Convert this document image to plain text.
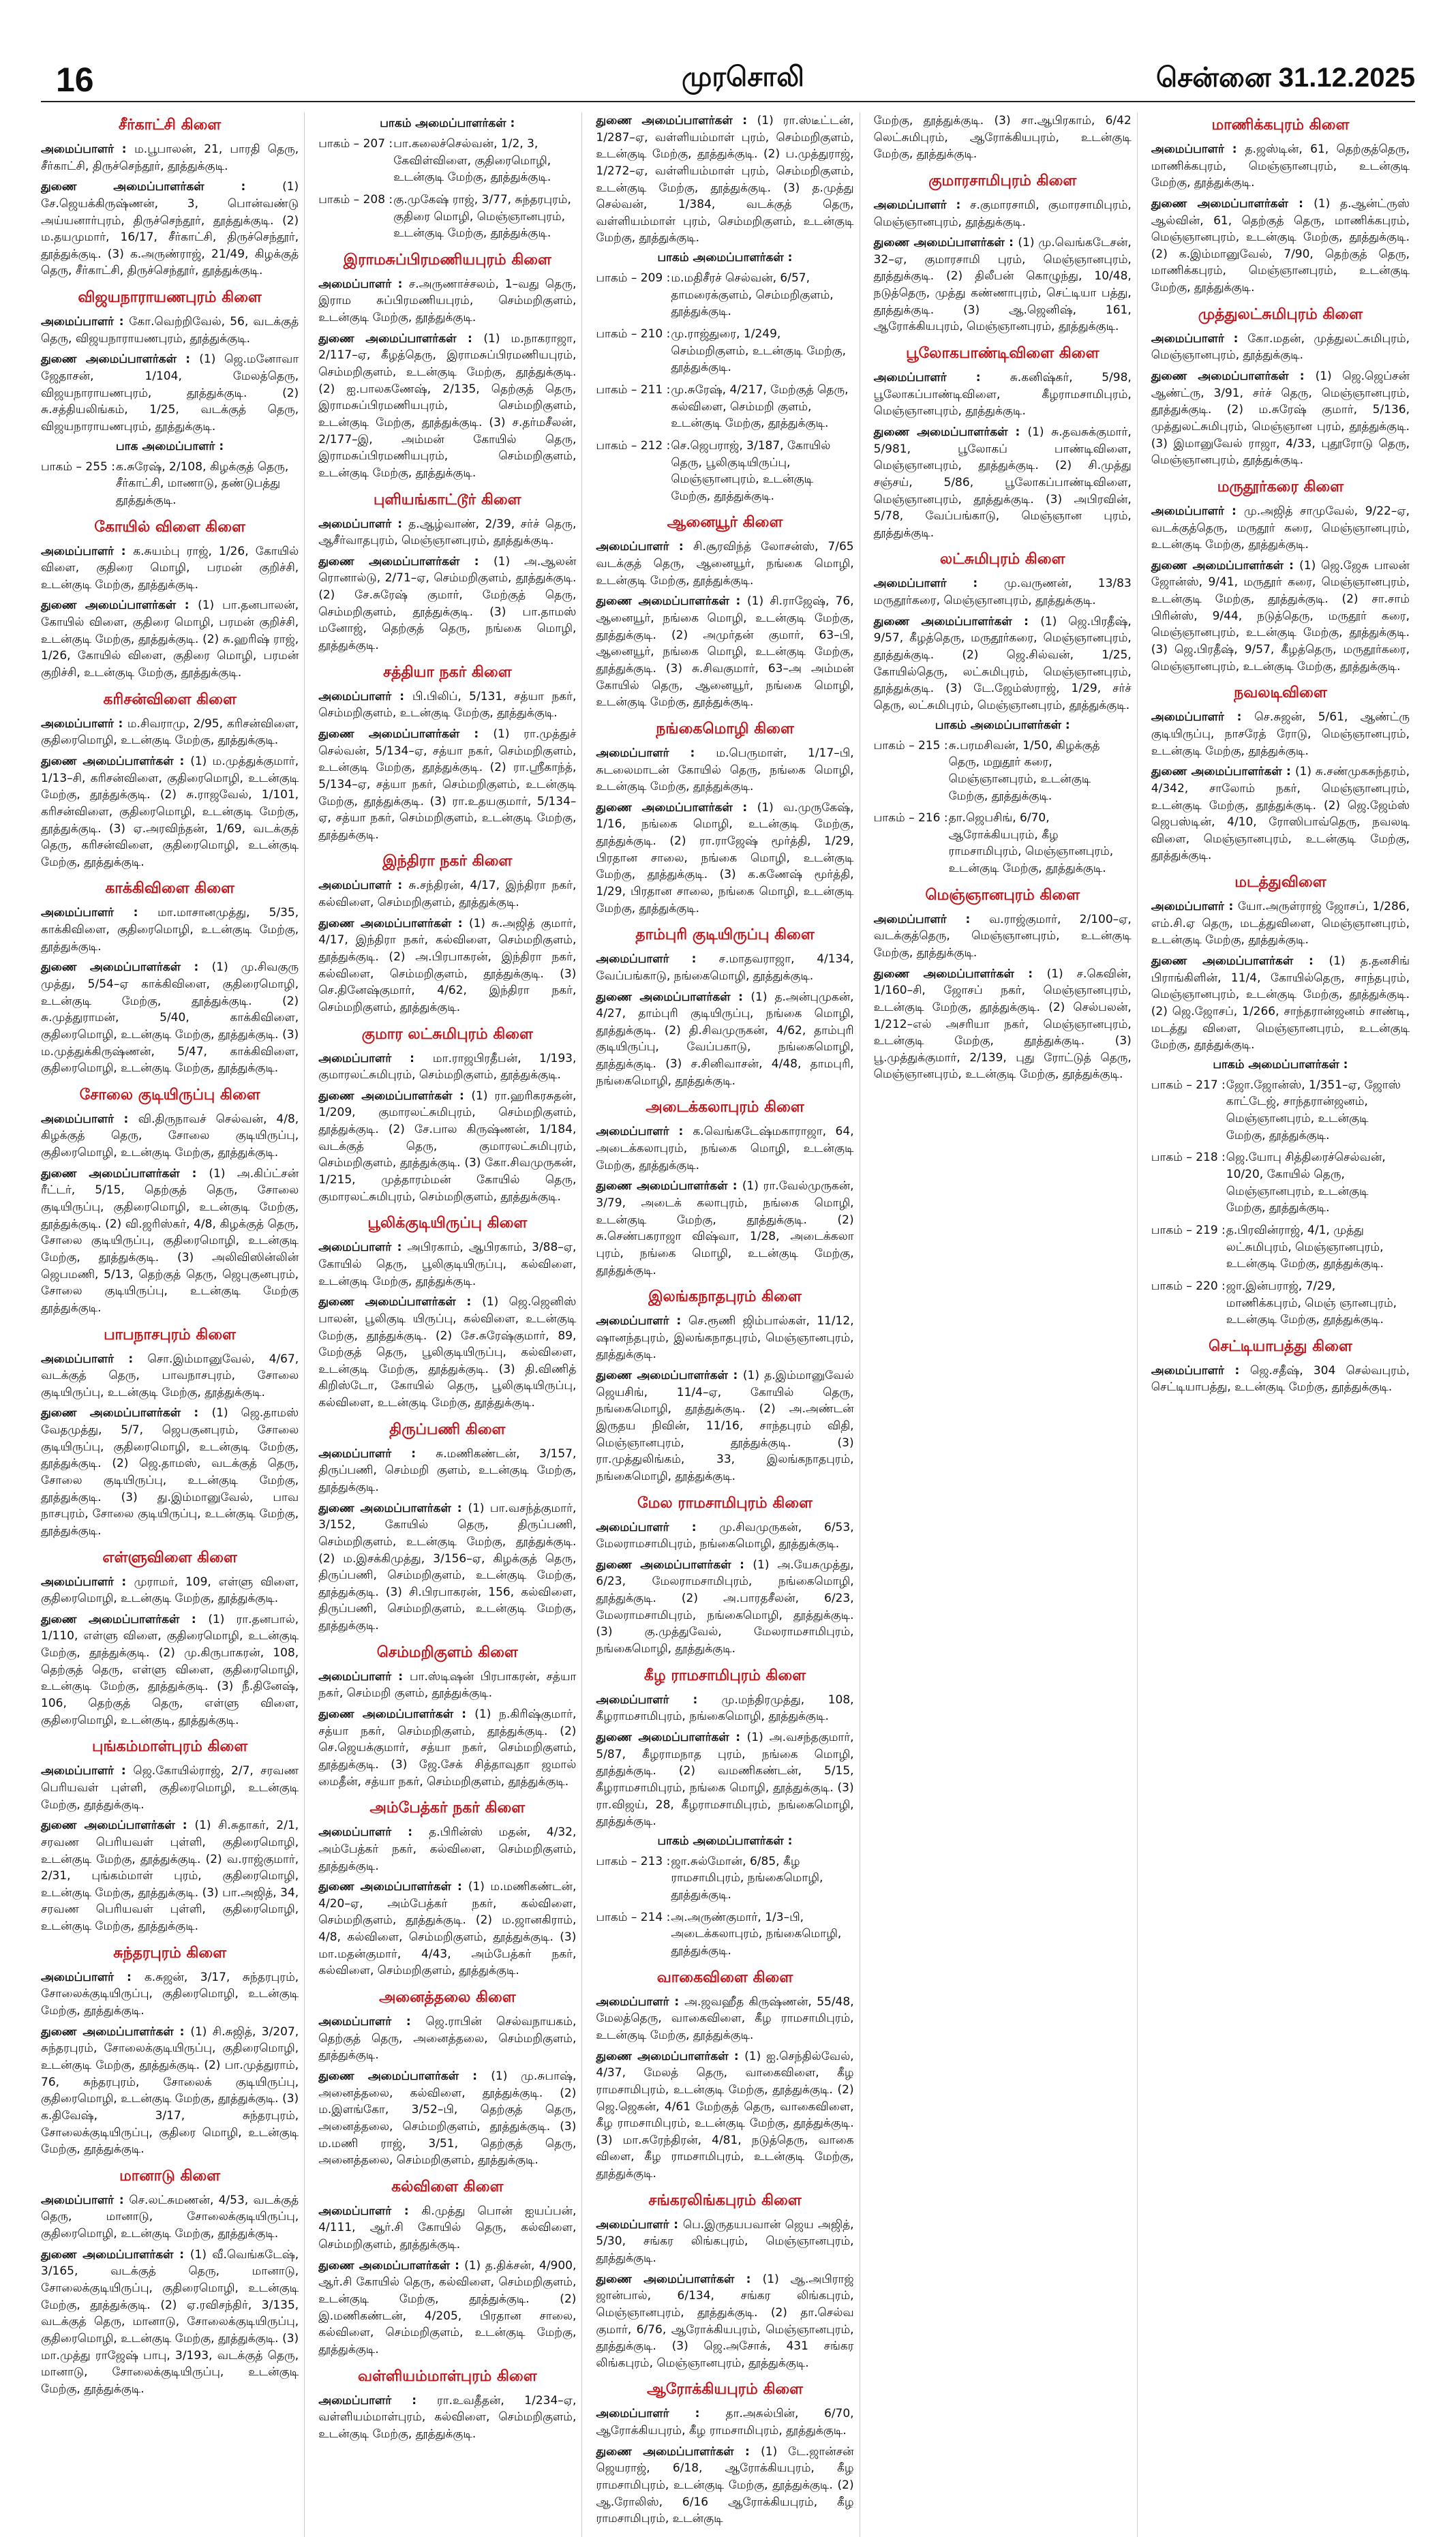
16	முரசொலி	சென்னை 31.12.2025
சீர்காட்சி கிளை

அமைப்பாளர் : ம.பூபாலன், 21, பாரதி தெரு, சீர்காட்சி, திருச்செந்தூர், தூத்துக்குடி.

துணை அமைப்பாளர்கள் : (1) சே.ஜெயக்கிருஷ்ணன், 3, பொன்வண்டு அய்யனார்புரம், திருச்செந்தூர், தூத்துக்குடி. (2) ம.தயமுமார், 16/17, சீர்காட்சி, திருச்செந்தூர், தூத்துக்குடி. (3) க.அருண்ராஜ், 21/49, கிழக்குத் தெரு, சீர்காட்சி, திருச்செந்தூர், தூத்துக்குடி.

விஜயநாராயணபுரம் கிளை

அமைப்பாளர் : கோ.வெற்றிவேல், 56, வடக்குத் தெரு, விஜயநாராயணபுரம், தூத்துக்குடி.

துணை அமைப்பாளர்கள் : (1) ஜெ.மனோவா ஜேதாசன், 1/104, மேலத்தெரு, விஜயநாராயணபுரம், தூத்துக்குடி. (2) சு.சத்தியலிங்கம், 1/25, வடக்குத் தெரு, விஜயநாராயணபுரம், தூத்துக்குடி.

பாக அமைப்பாளர் :
பாகம் – 255 : க.சுரேஷ், 2/108, கிழக்குத் தெரு, சீர்காட்சி, மாணாடு, தண்டுபத்து தூத்துக்குடி.
கோயில் விளை கிளை

அமைப்பாளர் : க.சுயம்பு ராஜ், 1/26, கோயில் விளை, குதிரை மொழி, பரமன் குறிச்சி, உடன்குடி மேற்கு, தூத்துக்குடி.

துணை அமைப்பாளர்கள் : (1) பா.தனபாலன், கோயில் விளை, குதிரை மொழி, பரமன் குறிச்சி, உடன்குடி மேற்கு, தூத்துக்குடி. (2) சு.ஹரிஷ் ராஜ், 1/26, கோயில் விளை, குதிரை மொழி, பரமன் குறிச்சி, உடன்குடி மேற்கு, தூத்துக்குடி.

கரிசன்விளை கிளை

அமைப்பாளர் : ம.சிவராமு, 2/95, கரிசன்விளை, குதிரைமொழி, உடன்குடி மேற்கு, தூத்துக்குடி.

துணை அமைப்பாளர்கள் : (1) ம.முத்துக்குமார், 1/13–சி, கரிசன்விளை, குதிரைமொழி, உடன்குடி மேற்கு, தூத்துக்குடி. (2) சு.ராஜவேல், 1/101, கரிசன்விளை, குதிரைமொழி, உடன்குடி மேற்கு, தூத்துக்குடி. (3) ஏ.அரவிந்தன், 1/69, வடக்குத் தெரு, கரிசன்விளை, குதிரைமொழி, உடன்குடி மேற்கு, தூத்துக்குடி.

காக்கிவிளை கிளை

அமைப்பாளர் : மா.மாசானமுத்து, 5/35, காக்கிவிளை, குதிரைமொழி, உடன்குடி மேற்கு, தூத்துக்குடி.

துணை அமைப்பாளர்கள் : (1) மு.சிவகுரு முத்து, 5/54–ஏ காக்கிவிளை, குதிரைமொழி, உடன்குடி மேற்கு, தூத்துக்குடி. (2) சு.முத்துராமன், 5/40, காக்கிவிளை, குதிரைமொழி, உடன்குடி மேற்கு, தூத்துக்குடி. (3) ம.முத்துக்கிருஷ்ணன், 5/47, காக்கிவிளை, குதிரைமொழி, உடன்குடி மேற்கு, தூத்துக்குடி.

சோலை குடியிருப்பு கிளை

அமைப்பாளர் : வி.திருநாவச் செல்வன், 4/8, கிழக்குத் தெரு, சோலை குடியிருப்பு, குதிரைமொழி, உடன்குடி மேற்கு, தூத்துக்குடி.

துணை அமைப்பாளர்கள் : (1) அ.கிப்ட்சன் ரீட்டர், 5/15, தெற்குத் தெரு, சோலை குடியிருப்பு, குதிரைமொழி, உடன்குடி மேற்கு, தூத்துக்குடி. (2) வி.ஜரிஸ்கர், 4/8, கிழக்குத் தெரு, சோலை குடியிருப்பு, குதிரைமொழி, உடன்குடி மேற்கு, தூத்துக்குடி. (3) அலிவிஸின்லின் ஜெபமணி, 5/13, தெற்குத் தெரு, ஜெபுகுனபுரம், சோலை குடியிருப்பு, உடன்குடி மேற்கு தூத்துக்குடி.

பாபநாசபுரம் கிளை

அமைப்பாளர் : சொ.இம்மானுவேல், 4/67, வடக்குத் தெரு, பாவநாசபுரம், சோலை குடியிருப்பு, உடன்குடி மேற்கு, தூத்துக்குடி.

துணை அமைப்பாளர்கள் : (1) ஜெ.தாமஸ் வேதமுத்து, 5/7, ஜெபகுனபுரம், சோலை குடியிருப்பு, குதிரைமொழி, உடன்குடி மேற்கு, தூத்துக்குடி. (2) ஜெ.தாமஸ், வடக்குத் தெரு, சோலை குடியிருப்பு, உடன்குடி மேற்கு, தூத்துக்குடி. (3) து.இம்மானுவேல், பாவ நாசபுரம், சோலை குடியிருப்பு, உடன்குடி மேற்கு, தூத்துக்குடி.

எள்ளுவிளை கிளை

அமைப்பாளர் : முராமர், 109, எள்ளு விளை, குதிரைமொழி, உடன்குடி மேற்கு, தூத்துக்குடி.

துணை அமைப்பாளர்கள் : (1) ரா.தனபால், 1/110, எள்ளு விளை, குதிரைமொழி, உடன்குடி மேற்கு, தூத்துக்குடி. (2) மு.கிருபாகரன், 108, தெற்குத் தெரு, எள்ளு விளை, குதிரைமொழி, உடன்குடி மேற்கு, தூத்துக்குடி. (3) நீ.தினேஷ், 106, தெற்குத் தெரு, எள்ளு விளை, குதிரைமொழி, உடன்குடி, தூத்துக்குடி.

புங்கம்மாள்புரம் கிளை

அமைப்பாளர் : ஜெ.கோயில்ராஜ், 2/7, சரவண பெரியவள் புள்ளி, குதிரைமொழி, உடன்குடி மேற்கு, தூத்துக்குடி.

துணை அமைப்பாளர்கள் : (1) சி.சுதாகர், 2/1, சரவண பெரியவள் புள்ளி, குதிரைமொழி, உடன்குடி மேற்கு, தூத்துக்குடி. (2) வ.ராஜ்குமார், 2/31, புங்கம்மாள் புரம், குதிரைமொழி, உடன்குடி மேற்கு, தூத்துக்குடி. (3) பா.அஜித், 34, சரவண பெரியவள் புள்ளி, குதிரைமொழி, உடன்குடி மேற்கு, தூத்துக்குடி.

சுந்தரபுரம் கிளை

அமைப்பாளர் : க.சுஜன், 3/17, சுந்தரபுரம், சோலைக்குடியிருப்பு, குதிரைமொழி, உடன்குடி மேற்கு, தூத்துக்குடி.

துணை அமைப்பாளர்கள் : (1) சி.சுஜித், 3/207, சுந்தரபுரம், சோலைக்குடியிருப்பு, குதிரைமொழி, உடன்குடி மேற்கு, தூத்துக்குடி. (2) பா.முத்துராம், 76, சுந்தரபுரம், சோலைக் குடியிருப்பு, குதிரைமொழி, உடன்குடி மேற்கு, தூத்துக்குடி. (3) க.திவேஷ், 3/17, சுந்தரபுரம், சோலைக்குடியிருப்பு, குதிரை மொழி, உடன்குடி மேற்கு, தூத்துக்குடி.

மானாடு கிளை

அமைப்பாளர் : செ.லட்சுமணன், 4/53, வடக்குத் தெரு, மானாடு, சோலைக்குடியிருப்பு, குதிரைமொழி, உடன்குடி மேற்கு, தூத்துக்குடி.

துணை அமைப்பாளர்கள் : (1) வீ.வெங்கடேஷ், 3/165, வடக்குத் தெரு, மானாடு, சோலைக்குடியிருப்பு, குதிரைமொழி, உடன்குடி மேற்கு, தூத்துக்குடி. (2) ஏ.ரவிசந்திர், 3/135, வடக்குத் தெரு, மானாடு, சோலைக்குடியிருப்பு, குதிரைமொழி, உடன்குடி மேற்கு, தூத்துக்குடி. (3) மா.முத்து ராஜேஷ் பாபு, 3/193, வடக்குத் தெரு, மானாடு, சோலைக்குடியிருப்பு, உடன்குடி மேற்கு, தூத்துக்குடி.

பாகம் அமைப்பாளர்கள் :
பாகம் – 207 : பா.கலைச்செல்வன், 1/2, 3, கேவிள்விளை, குதிரைமொழி, உடன்குடி மேற்கு, தூத்துக்குடி.
பாகம் – 208 : கு.முகேஷ் ராஜ், 3/77, சுந்தரபுரம், குதிரை மொழி, மெஞ்ஞானபுரம், உடன்குடி மேற்கு, தூத்துக்குடி.
இராமசுப்பிரமணியபுரம் கிளை

அமைப்பாளர் : ச.அருணாச்சலம், 1–வது தெரு, இராம சுப்பிரமணியபுரம், செம்மறிகுளம், உடன்குடி மேற்கு, தூத்துக்குடி.

துணை அமைப்பாளர்கள் : (1) ம.நாகராஜா, 2/117–ஏ, கீழத்தெரு, இராமசுப்பிரமணியபுரம், செம்மறிகுளம், உடன்குடி மேற்கு, தூத்துக்குடி. (2) ஐ.பாலகணேஷ், 2/135, தெற்குத் தெரு, இராமசுப்பிரமணியபுரம், செம்மறிகுளம், உடன்குடி மேற்கு, தூத்துக்குடி. (3) ச.தர்மசீலன், 2/177–இ, அம்மன் கோயில் தெரு, இராமசுப்பிரமணியபுரம், செம்மறிகுளம், உடன்குடி மேற்கு, தூத்துக்குடி.

புளியங்காட்டூர் கிளை

அமைப்பாளர் : த.ஆழ்வாண், 2/39, சர்ச் தெரு, ஆசீர்வாதபுரம், மெஞ்ஞானபுரம், தூத்துக்குடி.

துணை அமைப்பாளர்கள் : (1) அ.ஆலன் ரொனால்டு, 2/71–ஏ, செம்மறிகுளம், தூத்துக்குடி. (2) சே.சுரேஷ் குமார், மேற்குத் தெரு, செம்மறிகுளம், தூத்துக்குடி. (3) பா.தாமஸ் மனோஜ், தெற்குத் தெரு, நங்கை மொழி, தூத்துக்குடி.

சத்தியா நகர் கிளை

அமைப்பாளர் : பி.பிலிப், 5/131, சத்யா நகர், செம்மறிகுளம், உடன்குடி மேற்கு, தூத்துக்குடி.

துணை அமைப்பாளர்கள் : (1) ரா.முத்துச் செல்வன், 5/134–ஏ, சத்யா நகர், செம்மறிகுளம், உடன்குடி மேற்கு, தூத்துக்குடி. (2) ரா.ஸ்ரீகாந்த், 5/134–ஏ, சத்யா நகர், செம்மறிகுளம், உடன்குடி மேற்கு, தூத்துக்குடி. (3) ரா.உதயகுமார், 5/134–ஏ, சத்யா நகர், செம்மறிகுளம், உடன்குடி மேற்கு, தூத்துக்குடி.

இந்திரா நகர் கிளை

அமைப்பாளர் : சு.சந்திரன், 4/17, இந்திரா நகர், கல்விளை, செம்மறிகுளம், தூத்துக்குடி.

துணை அமைப்பாளர்கள் : (1) சு.அஜித் குமார், 4/17, இந்திரா நகர், கல்விளை, செம்மறிகுளம், தூத்துக்குடி. (2) அ.பிரபாகரன், இந்திரா நகர், கல்விளை, செம்மறிகுளம், தூத்துக்குடி. (3) செ.தினேஷ்குமார், 4/62, இந்திரா நகர், செம்மறிகுளம், தூத்துக்குடி.

குமார லட்சுமிபுரம் கிளை

அமைப்பாளர் : மா.ராஜபிரதீபன், 1/193, குமாரலட்சுமிபுரம், செம்மறிகுளம், தூத்துக்குடி.

துணை அமைப்பாளர்கள் : (1) ரா.ஹரிகரசுதன், 1/209, குமாரலட்சுமிபுரம், செம்மறிகுளம், தூத்துக்குடி. (2) சே.பால கிருஷ்ணன், 1/184, வடக்குத் தெரு, குமாரலட்சுமிபுரம், செம்மறிகுளம், தூத்துக்குடி. (3) கோ.சிவமுருகன், 1/215, முத்தாரம்மன் கோயில் தெரு, குமாரலட்சுமிபுரம், செம்மறிகுளம், தூத்துக்குடி.

பூலிக்குடியிருப்பு கிளை

அமைப்பாளர் : அபிரகாம், ஆபிரகாம், 3/88–ஏ, கோயில் தெரு, பூலிகுடியிருப்பு, கல்விளை, உடன்குடி மேற்கு, தூத்துக்குடி.

துணை அமைப்பாளர்கள் : (1) ஜெ.ஜெனிஸ் பாலன், பூலிகுடி யிருப்பு, கல்விளை, உடன்குடி மேற்கு, தூத்துக்குடி. (2) சே.சுரேஷ்குமார், 89, மேற்குத் தெரு, பூலிகுடியிருப்பு, கல்விளை, உடன்குடி மேற்கு, தூத்துக்குடி. (3) தி.விணித் கிறிஸ்டோ, கோயில் தெரு, பூலிகுடியிருப்பு, கல்விளை, உடன்குடி மேற்கு, தூத்துக்குடி.

திருப்பணி கிளை

அமைப்பாளர் : சு.மணிகண்டன், 3/157, திருப்பணி, செம்மறி குளம், உடன்குடி மேற்கு, தூத்துக்குடி.

துணை அமைப்பாளர்கள் : (1) பா.வசந்த்குமார், 3/152, கோயில் தெரு, திருப்பணி, செம்மறிகுளம், உடன்குடி மேற்கு, தூத்துக்குடி. (2) ம.இசக்கிமுத்து, 3/156–ஏ, கிழக்குத் தெரு, திருப்பணி, செம்மறிகுளம், உடன்குடி மேற்கு, தூத்துக்குடி. (3) சி.பிரபாகரன், 156, கல்விளை, திருப்பணி, செம்மறிகுளம், உடன்குடி மேற்கு, தூத்துக்குடி.

செம்மறிகுளம் கிளை

அமைப்பாளர் : பா.ஸ்டிஷன் பிரபாகரன், சத்யா நகர், செம்மறி குளம், தூத்துக்குடி.

துணை அமைப்பாளர்கள் : (1) ந.கிரிஷ்குமார், சத்யா நகர், செம்மறிகுளம், தூத்துக்குடி. (2) செ.ஜெயக்குமார், சத்யா நகர், செம்மறிகுளம், தூத்துக்குடி. (3) ஜே.சேக் சித்தாவுதா ஜமால் மைதீன், சத்யா நகர், செம்மறிகுளம், தூத்துக்குடி.

அம்பேத்கர் நகர் கிளை

அமைப்பாளர் : த.பிரின்ஸ் மதன், 4/32, அம்பேத்கர் நகர், கல்விளை, செம்மறிகுளம், தூத்துக்குடி.

துணை அமைப்பாளர்கள் : (1) ம.மணிகண்டன், 4/20–ஏ, அம்பேத்கர் நகர், கல்விளை, செம்மறிகுளம், தூத்துக்குடி. (2) ம.ஜானகிராம், 4/8, கல்விளை, செம்மறிகுளம், தூத்துக்குடி. (3) மா.மதன்குமார், 4/43, அம்பேத்கர் நகர், கல்விளை, செம்மறிகுளம், தூத்துக்குடி.

அனைத்தலை கிளை

அமைப்பாளர் : ஜெ.ராபின் செல்வநாயகம், தெற்குத் தெரு, அனைத்தலை, செம்மறிகுளம், தூத்துக்குடி.

துணை அமைப்பாளர்கள் : (1) மு.சுபாஷ், அனைத்தலை, கல்விளை, தூத்துக்குடி. (2) ம.இளங்கோ, 3/52–பி, தெற்குத் தெரு, அனைத்தலை, செம்மறிகுளம், தூத்துக்குடி. (3) ம.மணி ராஜ், 3/51, தெற்குத் தெரு, அனைத்தலை, செம்மறிகுளம், தூத்துக்குடி.

கல்விளை கிளை

அமைப்பாளர் : கி.முத்து பொன் ஐயப்பன், 4/111, ஆர்.சி கோயில் தெரு, கல்விளை, செம்மறிகுளம், தூத்துக்குடி.

துணை அமைப்பாளர்கள் : (1) த.திக்சன், 4/900, ஆர்.சி கோயில் தெரு, கல்விளை, செம்மறிகுளம், உடன்குடி மேற்கு, தூத்துக்குடி. (2) இ.மணிகண்டன், 4/205, பிரதான சாலை, கல்விளை, செம்மறிகுளம், உடன்குடி மேற்கு, தூத்துக்குடி.

வள்ளியம்மாள்புரம் கிளை

அமைப்பாளர் : ரா.உவதீதன், 1/234–ஏ, வள்ளியம்மாள்புரம், கல்விளை, செம்மறிகுளம், உடன்குடி மேற்கு, தூத்துக்குடி.

துணை அமைப்பாளர்கள் : (1) ரா.ஸ்டீட்டன், 1/287–ஏ, வள்ளியம்மாள் புரம், செம்மறிகுளம், உடன்குடி மேற்கு, தூத்துக்குடி. (2) ப.முத்துராஜ், 1/272–ஏ, வள்ளியம்மாள் புரம், செம்மறிகுளம், உடன்குடி மேற்கு, தூத்துக்குடி. (3) த.முத்து செல்வன், 1/384, வடக்குத் தெரு, வள்ளியம்மாள் புரம், செம்மறிகுளம், உடன்குடி மேற்கு, தூத்துக்குடி.

பாகம் அமைப்பாளர்கள் :
பாகம் – 209 : ம.மதிசீரச் செல்வன், 6/57, தாமரைக்குளம், செம்மறிகுளம், தூத்துக்குடி.
பாகம் – 210 : மு.ராஜ்துரை, 1/249, செம்மறிகுளம், உடன்குடி மேற்கு, தூத்துக்குடி.
பாகம் – 211 : மு.சுரேஷ், 4/217, மேற்குத் தெரு, கல்விளை, செம்மறி குளம், உடன்குடி மேற்கு, தூத்துக்குடி.
பாகம் – 212 : செ.ஜெபராஜ், 3/187, கோயில் தெரு, பூலிகுடியிருப்பு, மெஞ்ஞானபுரம், உடன்குடி மேற்கு, தூத்துக்குடி.
ஆனையூர் கிளை

அமைப்பாளர் : சி.சூரவிந்த் லோசன்ஸ், 7/65 வடக்குத் தெரு, ஆனையூர், நங்கை மொழி, உடன்குடி மேற்கு, தூத்துக்குடி.

துணை அமைப்பாளர்கள் : (1) சி.ராஜேஷ், 76, ஆனையூர், நங்கை மொழி, உடன்குடி மேற்கு, தூத்துக்குடி. (2) அமுர்தன் குமார், 63–பி, ஆனையூர், நங்கை மொழி, உடன்குடி மேற்கு, தூத்துக்குடி. (3) சு.சிவகுமார், 63–அ அம்மன் கோயில் தெரு, ஆனையூர், நங்கை மொழி, உடன்குடி மேற்கு, தூத்துக்குடி.

நங்கைமொழி கிளை

அமைப்பாளர் : ம.பெருமாள், 1/17–பி, சுடலைமாடன் கோயில் தெரு, நங்கை மொழி, உடன்குடி மேற்கு, தூத்துக்குடி.

துணை அமைப்பாளர்கள் : (1) வ.முருகேஷ், 1/16, நங்கை மொழி, உடன்குடி மேற்கு, தூத்துக்குடி. (2) ரா.ராஜேஷ் மூர்த்தி, 1/29, பிரதான சாலை, நங்கை மொழி, உடன்குடி மேற்கு, தூத்துக்குடி. (3) க.கணேஷ் மூர்த்தி, 1/29, பிரதான சாலை, நங்கை மொழி, உடன்குடி மேற்கு, தூத்துக்குடி.

தாம்புரி குடியிருப்பு கிளை

அமைப்பாளர் : ச.மாதவராஜா, 4/134, வேப்பங்காடு, நங்கைமொழி, தூத்துக்குடி.

துணை அமைப்பாளர்கள் : (1) த.அன்புமுகன், 4/27, தாம்புரி குடியிருப்பு, நங்கை மொழி, தூத்துக்குடி. (2) தி.சிவமுருகன், 4/62, தாம்புரி குடியிருப்பு, வேப்பகாடு, நங்கைமொழி, தூத்துக்குடி. (3) ச.சினிவாசன், 4/48, தாமபுரி, நங்கைமொழி, தூத்துக்குடி.

அடைக்கலாபுரம் கிளை

அமைப்பாளர் : க.வெங்கடேஷ்மகாராஜா, 64, அடைக்கலாபுரம், நங்கை மொழி, உடன்குடி மேற்கு, தூத்துக்குடி.

துணை அமைப்பாளர்கள் : (1) ரா.வேல்முருகன், 3/79, அடைக் கலாபுரம், நங்கை மொழி, உடன்குடி மேற்கு, தூத்துக்குடி. (2) சு.செண்பகராஜா விஷ்வா, 1/28, அடைக்கலா புரம், நங்கை மொழி, உடன்குடி மேற்கு, தூத்துக்குடி.

இலங்கநாதபுரம் கிளை

அமைப்பாளர் : செ.ரூணி ஜிம்பால்கள், 11/12, ஷானந்தபுரம், இலங்கநாதபுரம், மெஞ்ஞானபுரம், தூத்துக்குடி.

துணை அமைப்பாளர்கள் : (1) த.இம்மானுவேல் ஜெயசிங், 11/4–ஏ, கோயில் தெரு, நங்கைமொழி, தூத்துக்குடி. (2) அ.அண்டன் இருதய நிவின், 11/16, சாந்தபுரம் விதி, மெஞ்ஞானபுரம், தூத்துக்குடி. (3) ரா.முத்துலிங்கம், 33, இலங்கநாதபுரம், நங்கைமொழி, தூத்துக்குடி.

மேல ராமசாமிபுரம் கிளை

அமைப்பாளர் : மு.சிவமுருகன், 6/53, மேலராமசாமிபுரம், நங்கைமொழி, தூத்துக்குடி.

துணை அமைப்பாளர்கள் : (1) அ.யேசுமுத்து, 6/23, மேலராமசாமிபுரம், நங்கைமொழி, தூத்துக்குடி. (2) அ.பாரதசீலன், 6/23, மேலராமசாமிபுரம், நங்கைமொழி, தூத்துக்குடி. (3) கு.முத்துவேல், மேலராமசாமிபுரம், நங்கைமொழி, தூத்துக்குடி.

கீழ ராமசாமிபுரம் கிளை

அமைப்பாளர் : மு.மந்திரமுத்து, 108, கீழராமசாமிபுரம், நங்கைமொழி, தூத்துக்குடி.

துணை அமைப்பாளர்கள் : (1) அ.வசந்தகுமார், 5/87, கீழராமநாத புரம், நங்கை மொழி, தூத்துக்குடி. (2) வமணிகண்டன், 5/15, கீழராமசாமிபுரம், நங்கை மொழி, தூத்துக்குடி. (3) ரா.விஜய், 28, கீழராமசாமிபுரம், நங்கைமொழி, தூத்துக்குடி.

பாகம் அமைப்பாளர்கள் :
பாகம் – 213 : ஜா.சுல்மோன், 6/85, கீழ ராமசாமிபுரம், நங்கைமொழி, தூத்துக்குடி.
பாகம் – 214 : அ.அருண்குமார், 1/3–பி, அடைக்கலாபுரம், நங்கைமொழி, தூத்துக்குடி.
வாகைவிளை கிளை

அமைப்பாளர் : அ.ஜவஹீத கிருஷ்ணன், 55/48, மேலத்தெரு, வாகைவிளை, கீழ ராமசாமிபுரம், உடன்குடி மேற்கு, தூத்துக்குடி.

துணை அமைப்பாளர்கள் : (1) ஐ.செந்தில்வேல், 4/37, மேலத் தெரு, வாகைவிளை, கீழ ராமசாமிபுரம், உடன்குடி மேற்கு, தூத்துக்குடி. (2) ஜெ.ஜெகன், 4/61 மேற்குத் தெரு, வாகைவிளை, கீழ ராமசாமிபுரம், உடன்குடி மேற்கு, தூத்துக்குடி. (3) மா.சுரேந்திரன், 4/81, நடுத்தெரு, வாகை விளை, கீழ ராமசாமிபுரம், உடன்குடி மேற்கு, தூத்துக்குடி.

சங்கரலிங்கபுரம் கிளை

அமைப்பாளர் : பெ.இருதயபவான் ஜெய அஜித், 5/30, சங்கர லிங்கபுரம், மெஞ்ஞானபுரம், தூத்துக்குடி.

துணை அமைப்பாளர்கள் : (1) ஆ.அபிராஜ் ஜான்பால், 6/134, சங்கர லிங்கபுரம், மெஞ்ஞானபுரம், தூத்துக்குடி. (2) தா.செல்வ குமார், 6/76, ஆரோக்கியபுரம், மெஞ்ஞானபுரம், தூத்துக்குடி. (3) ஜெ.அசோக், 431 சங்கர லிங்கபுரம், மெஞ்ஞானபுரம், தூத்துக்குடி.

ஆரோக்கியபுரம் கிளை

அமைப்பாளர் : தா.அசுல்பின், 6/70, ஆரோக்கியபுரம், கீழ ராமசாமிபுரம், தூத்துக்குடி.

துணை அமைப்பாளர்கள் : (1) டே.ஜான்சன் ஜெயராஜ், 6/18, ஆரோக்கியபுரம், கீழ ராமசாமிபுரம், உடன்குடி மேற்கு, தூத்துக்குடி. (2) ஆ.ரோலிஸ், 6/16 ஆரோக்கியபுரம், கீழ ராமசாமிபுரம், உடன்குடி

மேற்கு, தூத்துக்குடி. (3) சா.ஆபிரகாம், 6/42 லெட்சுமிபுரம், ஆரோக்கியபுரம், உடன்குடி மேற்கு, தூத்துக்குடி.

குமாரசாமிபுரம் கிளை

அமைப்பாளர் : ச.குமாரசாமி, குமாரசாமிபுரம், மெஞ்ஞானபுரம், தூத்துக்குடி.

துணை அமைப்பாளர்கள் : (1) மு.வெங்கடேசன், 32–ஏ, குமாரசாமி புரம், மெஞ்ஞானபுரம், தூத்துக்குடி. (2) திலீபன் கொழுந்து, 10/48, நடுத்தெரு, முத்து கண்ணாபுரம், செட்டியா பத்து, தூத்துக்குடி. (3) ஆ.ஜெனிஷ், 161, ஆரோக்கியபுரம், மெஞ்ஞானபுரம், தூத்துக்குடி.

பூலோகபாண்டிவிளை கிளை

அமைப்பாளர் : சு.கனிஷ்கர், 5/98, பூலோகப்பாண்டிவிளை, கீழராமசாமிபுரம், மெஞ்ஞானபுரம், தூத்துக்குடி.

துணை அமைப்பாளர்கள் : (1) சு.தவசுக்குமார், 5/981, பூலோகப் பாண்டிவிளை, மெஞ்ஞானபுரம், தூத்துக்குடி. (2) சி.முத்து சஞ்சய், 5/86, பூலோகப்பாண்டிவிளை, மெஞ்ஞானபுரம், தூத்துக்குடி. (3) அபிரவின், 5/78, வேப்பங்காடு, மெஞ்ஞான புரம், தூத்துக்குடி.

லட்சுமிபுரம் கிளை

அமைப்பாளர் : மு.வருணன், 13/83 மருதூர்கரை, மெஞ்ஞானபுரம், தூத்துக்குடி.

துணை அமைப்பாளர்கள் : (1) ஜெ.பிரதீஷ், 9/57, கீழத்தெரு, மருதூர்கரை, மெஞ்ஞானபுரம், தூத்துக்குடி. (2) ஜெ.சில்வன், 1/25, கோயில்தெரு, லட்சுமிபுரம், மெஞ்ஞானபுரம், தூத்துக்குடி. (3) டே.ஜேம்ஸ்ராஜ், 1/29, சர்ச் தெரு, லட்சுமிபுரம், மெஞ்ஞானபுரம், தூத்துக்குடி.

பாகம் அமைப்பாளர்கள் :
பாகம் – 215 : சு.பரமசிவன், 1/50, கிழக்குத் தெரு, மறுதூர் கரை, மெஞ்ஞானபுரம், உடன்குடி மேற்கு, தூத்துக்குடி.
பாகம் – 216 : தா.ஜெபசிங், 6/70, ஆரோக்கியபுரம், கீழ ராமசாமிபுரம், மெஞ்ஞானபுரம், உடன்குடி மேற்கு, தூத்துக்குடி.
மெஞ்ஞானபுரம் கிளை

அமைப்பாளர் : வ.ராஜ்குமார், 2/100–ஏ, வடக்குத்தெரு, மெஞ்ஞானபுரம், உடன்குடி மேற்கு, தூத்துக்குடி.

துணை அமைப்பாளர்கள் : (1) ச.கெவின், 1/160–சி, ஜோசப் நகர், மெஞ்ஞானபுரம், உடன்குடி மேற்கு, தூத்துக்குடி. (2) செல்பலன், 1/212–எல் அசரியா நகர், மெஞ்ஞானபுரம், உடன்குடி மேற்கு, தூத்துக்குடி. (3) பூ.முத்துக்குமார், 2/139, புது ரோட்டுத் தெரு, மெஞ்ஞானபுரம், உடன்குடி மேற்கு, தூத்துக்குடி.

மாணிக்கபுரம் கிளை

அமைப்பாளர் : த.ஜஸ்டின், 61, தெற்குத்தெரு, மாணிக்கபுரம், மெஞ்ஞானபுரம், உடன்குடி மேற்கு, தூத்துக்குடி.

துணை அமைப்பாளர்கள் : (1) த.ஆன்ட்ருஸ் ஆல்வின், 61, தெற்குத் தெரு, மாணிக்கபுரம், மெஞ்ஞானபுரம், உடன்குடி மேற்கு, தூத்துக்குடி. (2) க.இம்மானுவேல், 7/90, தெற்குத் தெரு, மாணிக்கபுரம், மெஞ்ஞானபுரம், உடன்குடி மேற்கு, தூத்துக்குடி.

முத்துலட்சுமிபுரம் கிளை

அமைப்பாளர் : கோ.மதன், முத்துலட்சுமிபுரம், மெஞ்ஞானபுரம், தூத்துக்குடி.

துணை அமைப்பாளர்கள் : (1) ஜெ.ஜெப்சன் ஆண்ட்ரு, 3/91, சர்ச் தெரு, மெஞ்ஞானபுரம், தூத்துக்குடி. (2) ம.சுரேஷ் குமார், 5/136, முத்துலட்சுமிபுரம், மெஞ்ஞான புரம், தூத்துக்குடி. (3) இமானுவேல் ராஜா, 4/33, புதூரோடு தெரு, மெஞ்ஞானபுரம், தூத்துக்குடி.

மருதூர்கரை கிளை

அமைப்பாளர் : மு.அஜித் சாமுவேல், 9/22–ஏ, வடக்குத்தெரு, மருதூர் கரை, மெஞ்ஞானபுரம், உடன்குடி மேற்கு, தூத்துக்குடி.

துணை அமைப்பாளர்கள் : (1) ஜெ.ஜேசு பாலன் ஜோன்ஸ், 9/41, மருதூர் கரை, மெஞ்ஞானபுரம், உடன்குடி மேற்கு, தூத்துக்குடி. (2) சா.சாம் பிரின்ஸ், 9/44, நடுத்தெரு, மருதூர் கரை, மெஞ்ஞானபுரம், உடன்குடி மேற்கு, தூத்துக்குடி. (3) ஜெ.பிரதீஷ், 9/57, கீழத்தெரு, மருதூர்கரை, மெஞ்ஞானபுரம், உடன்குடி மேற்கு, தூத்துக்குடி.

நவலடிவிளை

அமைப்பாளர் : செ.சுஜன், 5/61, ஆண்ட்ரு குடியிருப்பு, நாசரேத் ரோடு, மெஞ்ஞானபுரம், உடன்குடி மேற்கு, தூத்துக்குடி.

துணை அமைப்பாளர்கள் : (1) சு.சண்முகசுந்தரம், 4/342, சாலோம் நகர், மெஞ்ஞானபுரம், உடன்குடி மேற்கு, தூத்துக்குடி. (2) ஜெ.ஜேம்ஸ் ஜெபஸ்டின், 4/10, ரோஸிபாவ்தெரு, நவலடி விளை, மெஞ்ஞானபுரம், உடன்குடி மேற்கு, தூத்துக்குடி.

மடத்துவிளை

அமைப்பாளர் : யோ.அருள்ராஜ் ஜோசப், 1/286, எம்.சி.ஏ தெரு, மடத்துவிளை, மெஞ்ஞானபுரம், உடன்குடி மேற்கு, தூத்துக்குடி.

துணை அமைப்பாளர்கள் : (1) த.தனசிங் பிராங்கிளின், 11/4, கோயில்தெரு, சாந்தபுரம், மெஞ்ஞானபுரம், உடன்குடி மேற்கு, தூத்துக்குடி. (2) ஜெ.ஜோசப், 1/266, சாந்தரான்ஜனம் சாண்டி, மடத்து விளை, மெஞ்ஞானபுரம், உடன்குடி மேற்கு, தூத்துக்குடி.

பாகம் அமைப்பாளர்கள் :
பாகம் – 217 : ஜோ.ஜோன்ஸ், 1/351–ஏ, ஜோஸ் காட்டேஜ், சாந்தரான்ஜனம், மெஞ்ஞானபுரம், உடன்குடி மேற்கு, தூத்துக்குடி.
பாகம் – 218 : ஜெ.யோபு சித்திரைச்செல்வன், 10/20, கோயில் தெரு, மெஞ்ஞானபுரம், உடன்குடி மேற்கு, தூத்துக்குடி.
பாகம் – 219 : த.பிரவின்ராஜ், 4/1, முத்து லட்சுமிபுரம், மெஞ்ஞானபுரம், உடன்குடி மேற்கு, தூத்துக்குடி.
பாகம் – 220 : ஜா.இன்பராஜ், 7/29, மாணிக்கபுரம், மெஞ் ஞானபுரம், உடன்குடி மேற்கு, தூத்துக்குடி.
செட்டியாபத்து கிளை

அமைப்பாளர் : ஜெ.சதீஷ், 304 செல்வபுரம், செட்டியாபத்து, உடன்குடி மேற்கு, தூத்துக்குடி.
